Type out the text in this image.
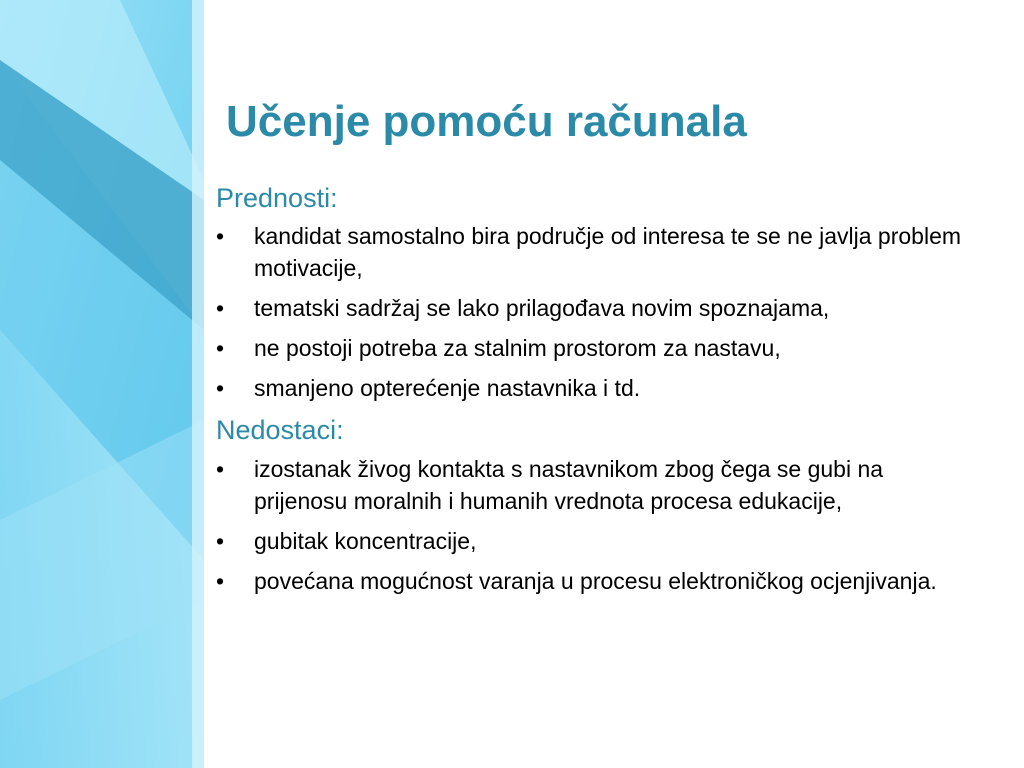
Učenje pomoću računala
Prednosti:
•	kandidat samostalno bira područje od interesa te se ne javlja problem motivacije,
•	tematski sadržaj se lako prilagođava novim spoznajama,
•	ne postoji potreba za stalnim prostorom za nastavu,
•	smanjeno opterećenje nastavnika i td.
Nedostaci:
•	izostanak živog kontakta s nastavnikom zbog čega se gubi na prijenosu moralnih i humanih vrednota procesa edukacije,
•	gubitak koncentracije,
•	povećana mogućnost varanja u procesu elektroničkog ocjenjivanja.
